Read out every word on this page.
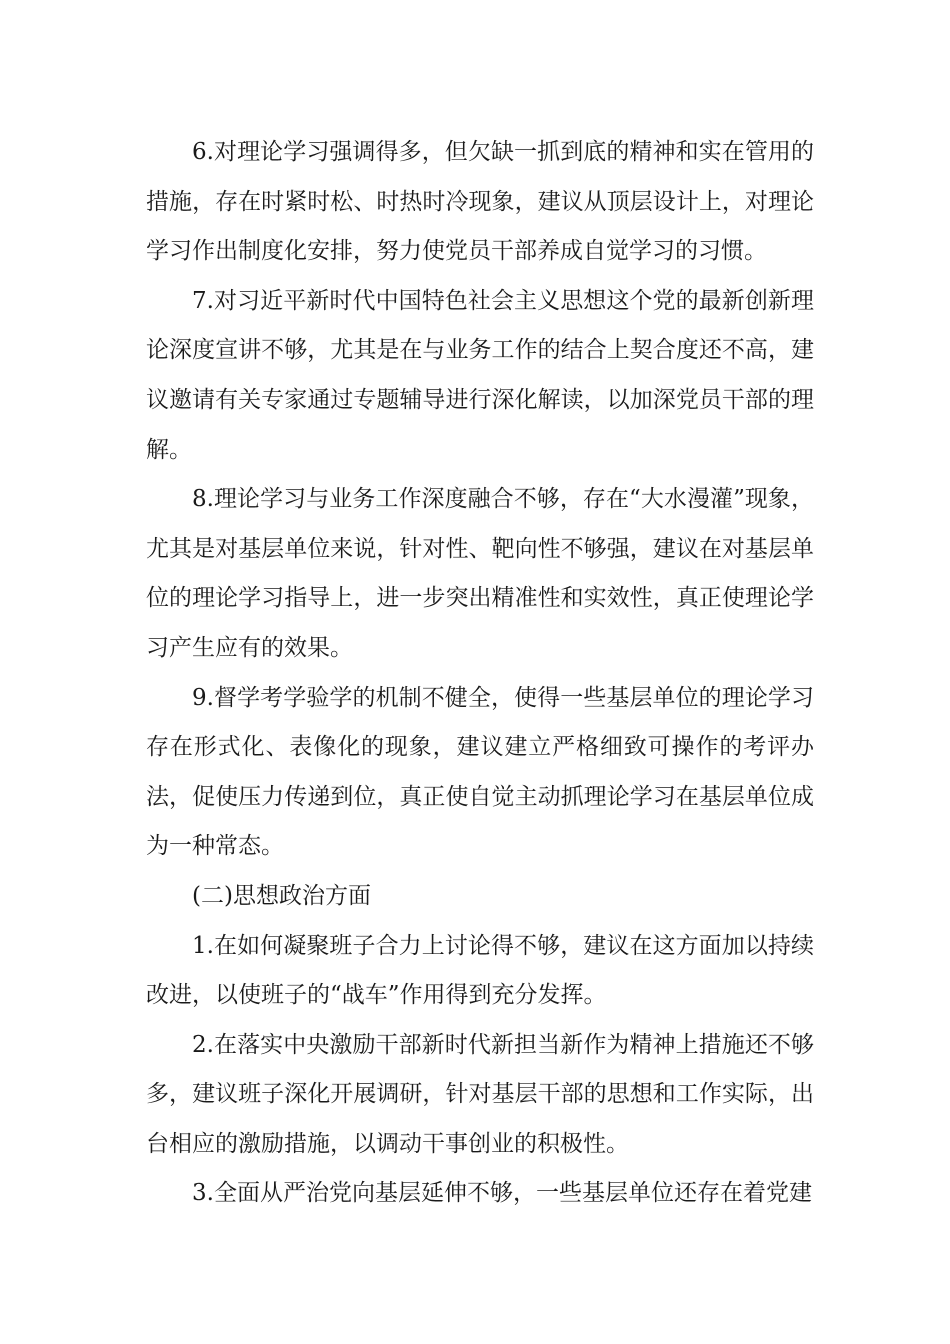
6.对理论学习强调得多，但欠缺一抓到底的精神和实在管用的措施，存在时紧时松、时热时冷现象，建议从顶层设计上，对理论学习作出制度化安排，努力使党员干部养成自觉学习的习惯。

7.对习近平新时代中国特色社会主义思想这个党的最新创新理论深度宣讲不够，尤其是在与业务工作的结合上契合度还不高，建议邀请有关专家通过专题辅导进行深化解读，以加深党员干部的理解。

8.理论学习与业务工作深度融合不够，存在“大水漫灌”现象，尤其是对基层单位来说，针对性、靶向性不够强，建议在对基层单位的理论学习指导上，进一步突出精准性和实效性，真正使理论学习产生应有的效果。

9.督学考学验学的机制不健全，使得一些基层单位的理论学习存在形式化、表像化的现象，建议建立严格细致可操作的考评办法，促使压力传递到位，真正使自觉主动抓理论学习在基层单位成为一种常态。

(二)思想政治方面

1.在如何凝聚班子合力上讨论得不够，建议在这方面加以持续改进，以使班子的“战车”作用得到充分发挥。

2.在落实中央激励干部新时代新担当新作为精神上措施还不够多，建议班子深化开展调研，针对基层干部的思想和工作实际，出台相应的激励措施，以调动干事创业的积极性。

3.全面从严治党向基层延伸不够，一些基层单位还存在着党建
